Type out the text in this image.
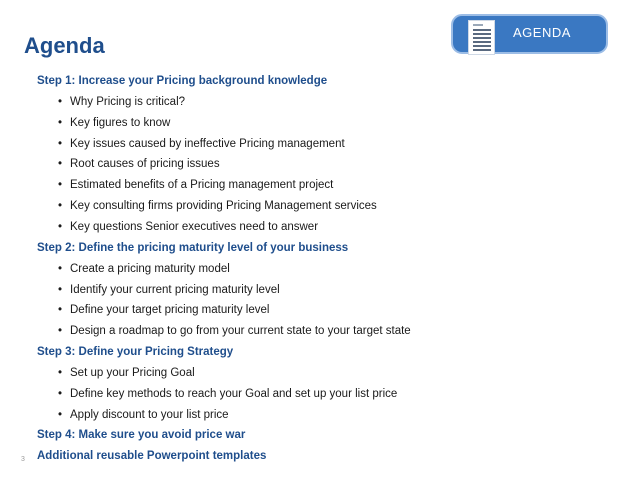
Agenda
AGENDA
Step 1: Increase your Pricing background knowledge
• Why Pricing is critical?
• Key figures to know
• Key issues caused by ineffective Pricing management
• Root causes of pricing issues
• Estimated benefits of a Pricing management project
• Key consulting firms providing Pricing Management services
• Key questions Senior executives need to answer
Step 2: Define the pricing maturity level of your business
• Create a pricing maturity model
• Identify your current pricing maturity level
• Define your target pricing maturity level
• Design a roadmap to go from your current state to your target state
Step 3: Define your Pricing Strategy
• Set up your Pricing Goal
• Define key methods to reach your Goal and set up your list price
• Apply discount to your list price
Step 4: Make sure you avoid price war
Additional reusable Powerpoint templates
3
